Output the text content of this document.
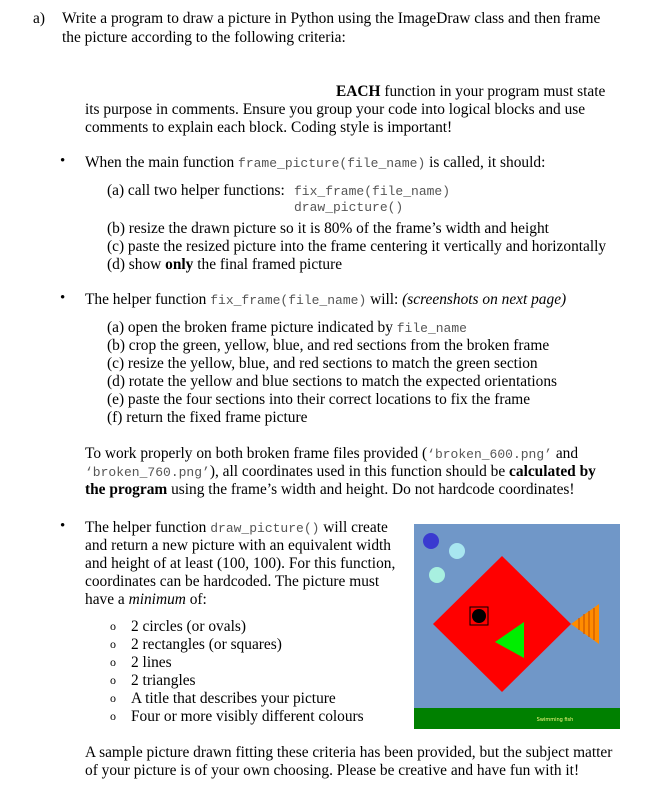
a) Write a program to draw a picture in Python using the ImageDraw class and then frame
the picture according to the following criteria:
EACH function in your program must state
its purpose in comments. Ensure you group your code into logical blocks and use
comments to explain each block. Coding style is important!
• When the main function frame_picture(file_name) is called, it should:
(a) call two helper functions: fix_frame(file_name)
draw_picture()
(b) resize the drawn picture so it is 80% of the frame’s width and height
(c) paste the resized picture into the frame centering it vertically and horizontally
(d) show only the final framed picture
• The helper function fix_frame(file_name) will: (screenshots on next page)
(a) open the broken frame picture indicated by file_name
(b) crop the green, yellow, blue, and red sections from the broken frame
(c) resize the yellow, blue, and red sections to match the green section
(d) rotate the yellow and blue sections to match the expected orientations
(e) paste the four sections into their correct locations to fix the frame
(f) return the fixed frame picture
To work properly on both broken frame files provided (‘broken_600.png’ and
‘broken_760.png’), all coordinates used in this function should be calculated by
the program using the frame’s width and height. Do not hardcode coordinates!
• The helper function draw_picture() will create
and return a new picture with an equivalent width
and height of at least (100, 100). For this function,
coordinates can be hardcoded. The picture must
have a minimum of:
o 2 circles (or ovals)
o 2 rectangles (or squares)
o 2 lines
o 2 triangles
o A title that describes your picture
o Four or more visibly different colours	Swimming fish
A sample picture drawn fitting these criteria has been provided, but the subject matter
of your picture is of your own choosing. Please be creative and have fun with it!
